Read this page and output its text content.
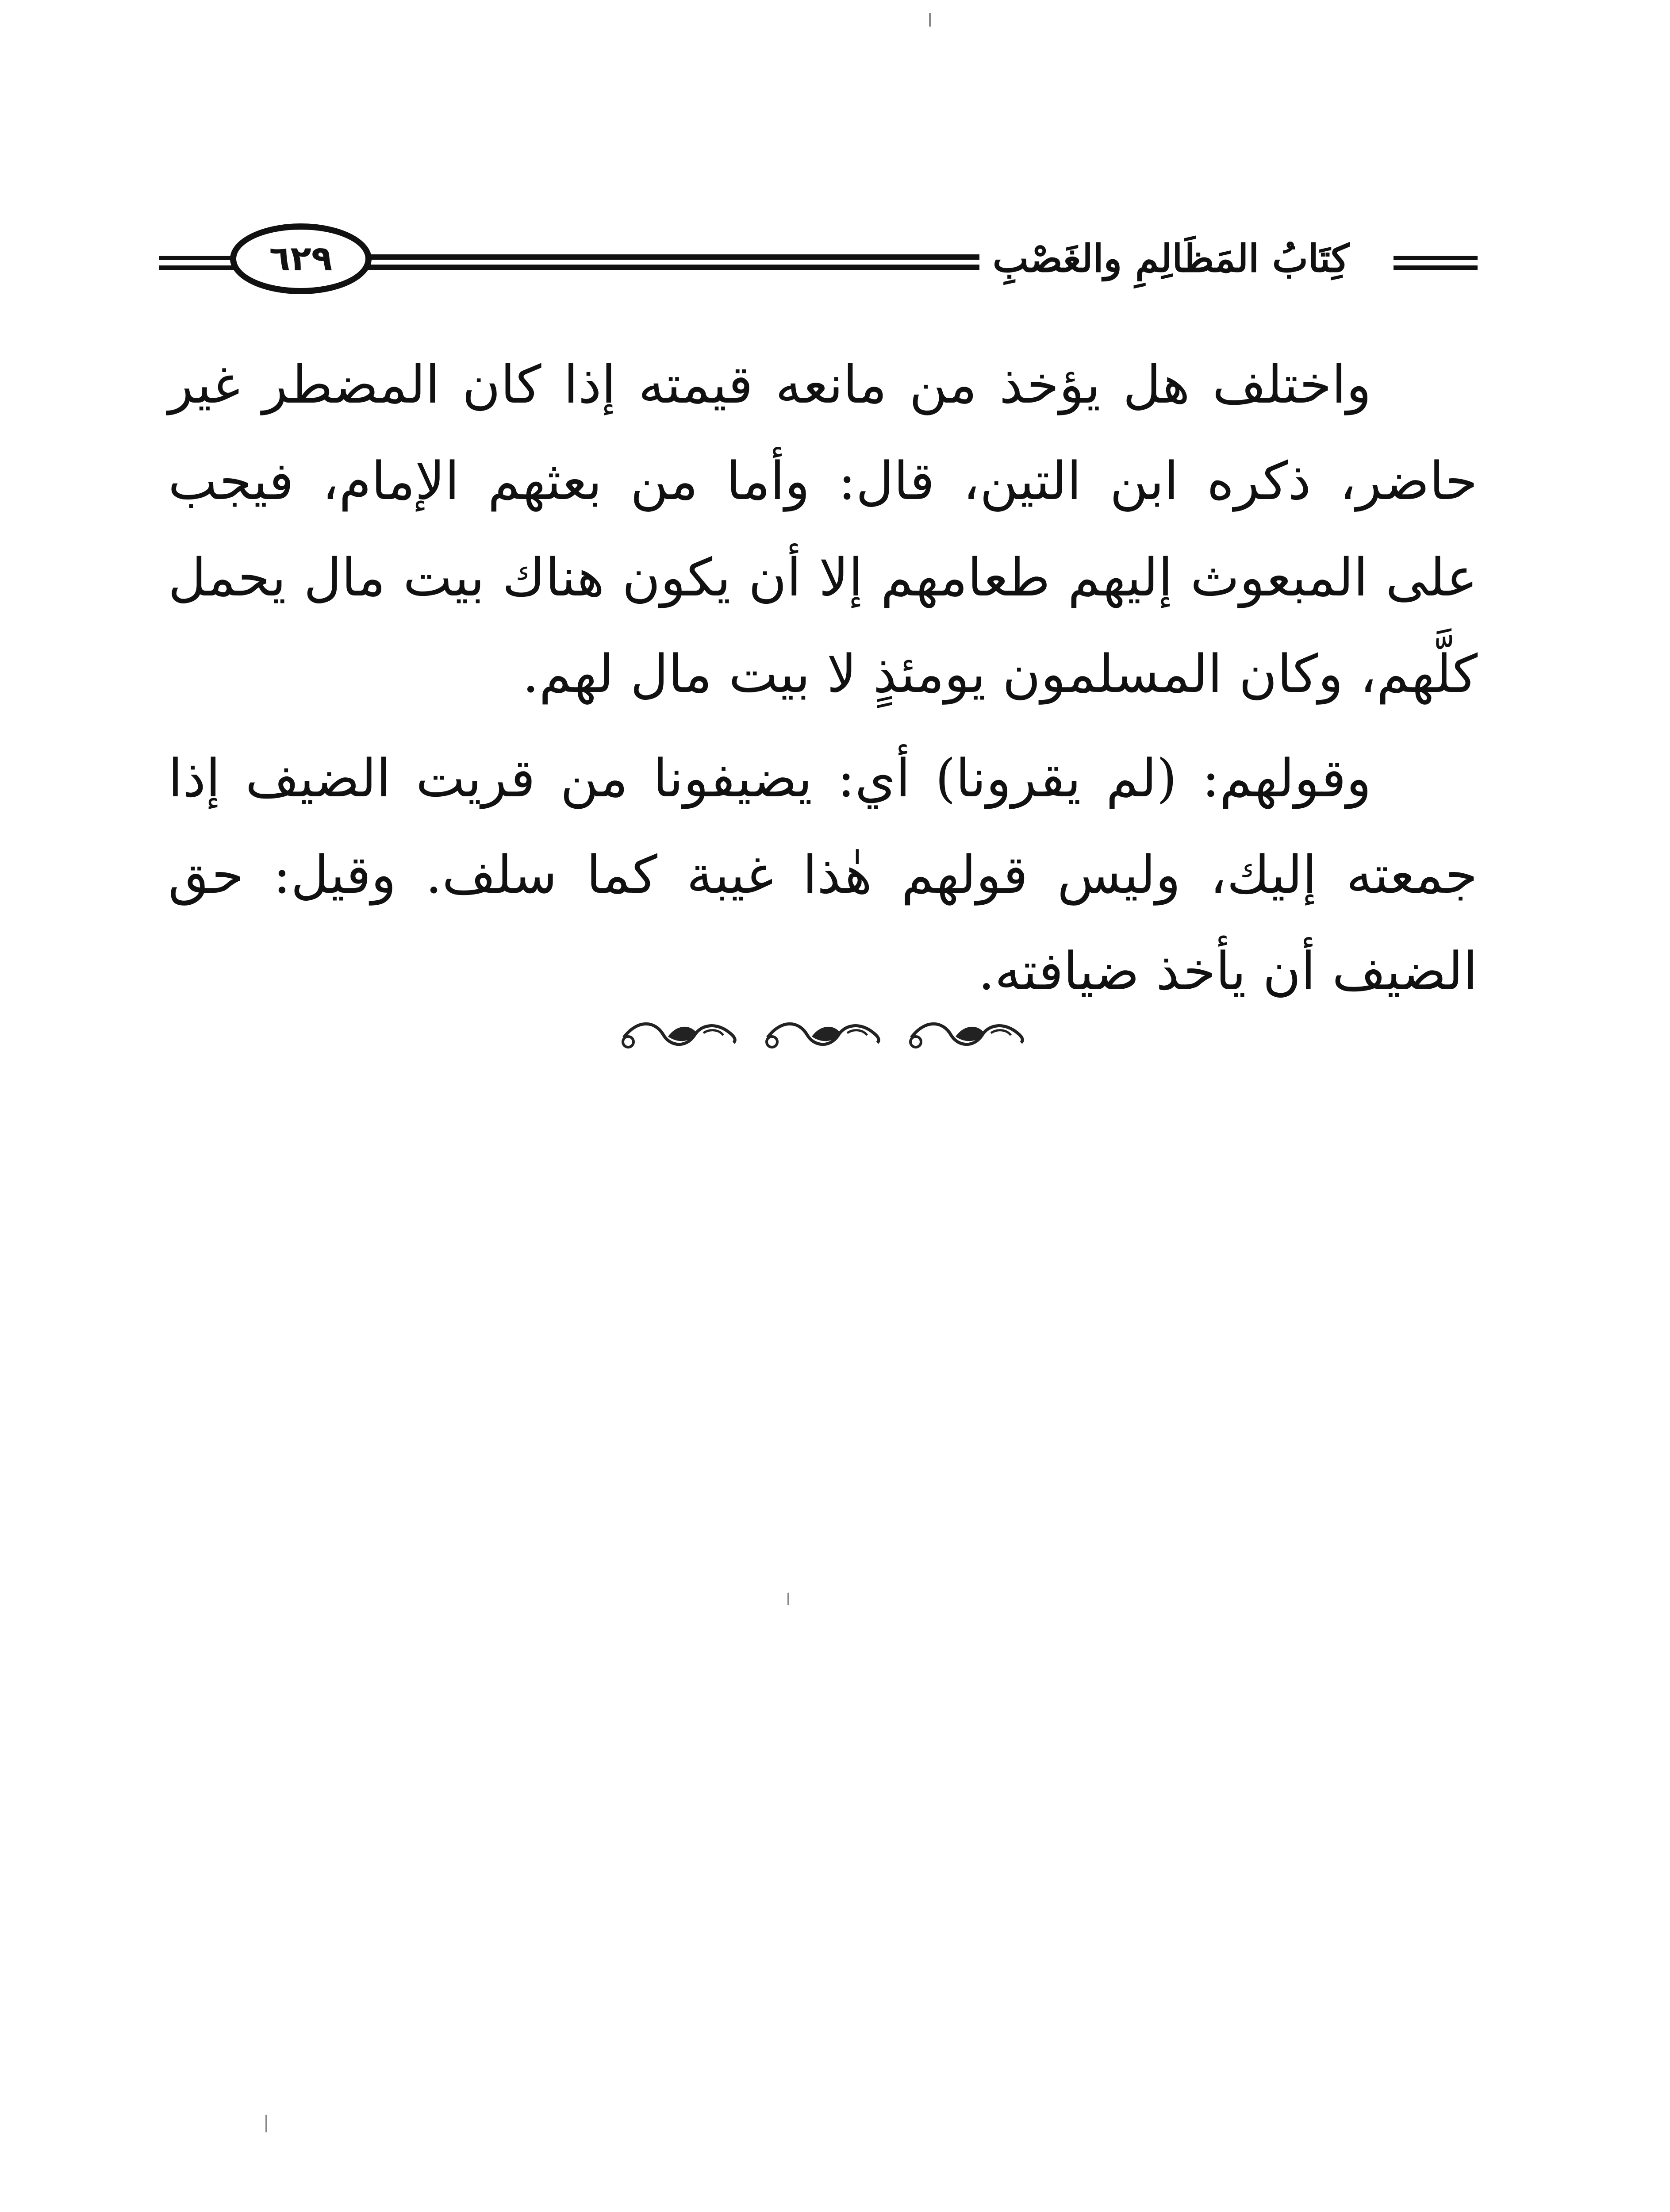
٦٢٩	كِتَابُ المَظَالِمِ والغَصْبِ

واختلف هل يؤخذ من مانعه قيمته إذا كان المضطر غير حاضر، ذكره ابن التين، قال: وأما من بعثهم الإمام، فيجب على المبعوث إليهم طعامهم إلا أن يكون هناك بيت مال يحمل كلَّهم، وكان المسلمون يومئذٍ لا بيت مال لهم.

وقولهم: (لم يقرونا) أي: يضيفونا من قريت الضيف إذا جمعته إليك، وليس قولهم هٰذا غيبة كما سلف. وقيل: حق الضيف أن يأخذ ضيافته.
